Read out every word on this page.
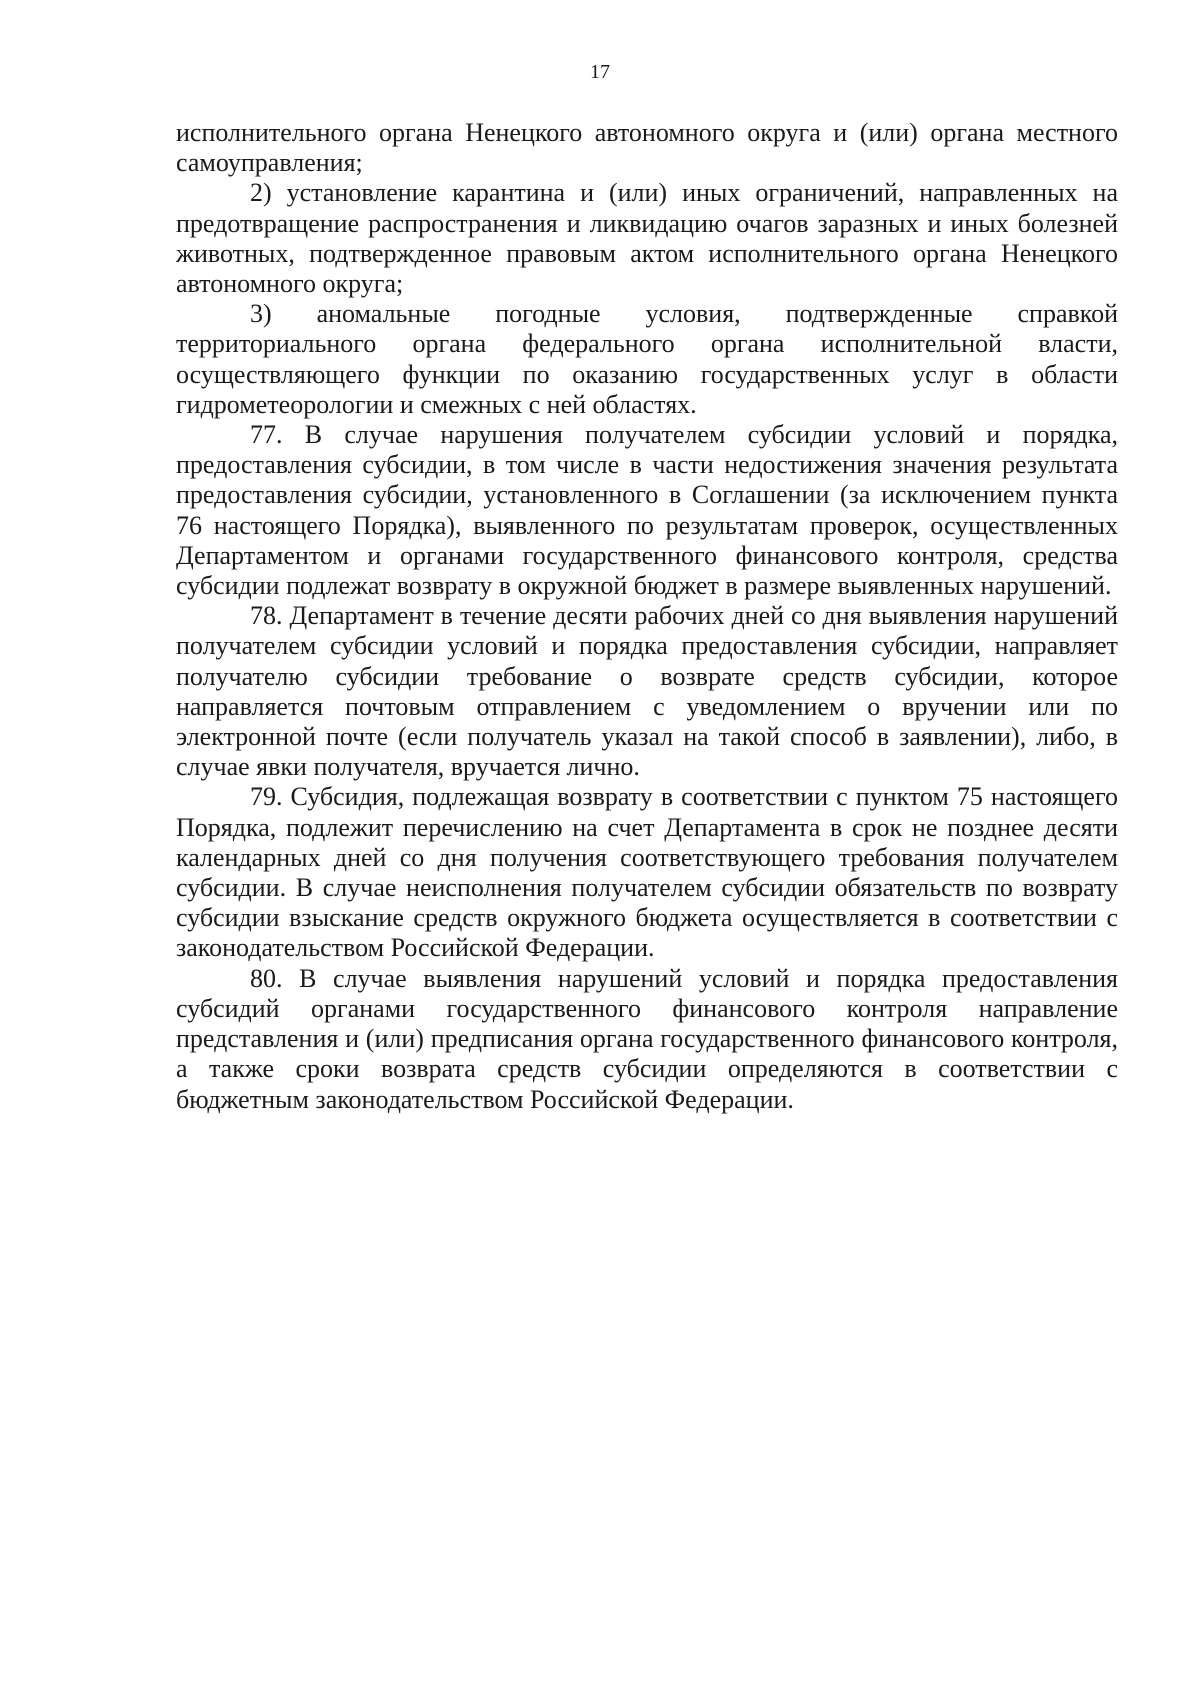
17

исполнительного органа Ненецкого автономного округа и (или) органа местного самоуправления;

2) установление карантина и (или) иных ограничений, направленных на предотвращение распространения и ликвидацию очагов заразных и иных болезней животных, подтвержденное правовым актом исполнительного органа Ненецкого автономного округа;

3) аномальные погодные условия, подтвержденные справкой территориального органа федерального органа исполнительной власти, осуществляющего функции по оказанию государственных услуг в области гидрометеорологии и смежных с ней областях.

77. В случае нарушения получателем субсидии условий и порядка, предоставления субсидии, в том числе в части недостижения значения результата предоставления субсидии, установленного в Соглашении (за исключением пункта 76 настоящего Порядка), выявленного по результатам проверок, осуществленных Департаментом и органами государственного финансового контроля, средства субсидии подлежат возврату в окружной бюджет в размере выявленных нарушений.

78. Департамент в течение десяти рабочих дней со дня выявления нарушений получателем субсидии условий и порядка предоставления субсидии, направляет получателю субсидии требование о возврате средств субсидии, которое направляется почтовым отправлением с уведомлением о вручении или по электронной почте (если получатель указал на такой способ в заявлении), либо, в случае явки получателя, вручается лично.

79. Субсидия, подлежащая возврату в соответствии с пунктом 75 настоящего Порядка, подлежит перечислению на счет Департамента в срок не позднее десяти календарных дней со дня получения соответствующего требования получателем субсидии. В случае неисполнения получателем субсидии обязательств по возврату субсидии взыскание средств окружного бюджета осуществляется в соответствии с законодательством Российской Федерации.

80. В случае выявления нарушений условий и порядка предоставления субсидий органами государственного финансового контроля направление представления и (или) предписания органа государственного финансового контроля, а также сроки возврата средств субсидии определяются в соответствии с бюджетным законодательством Российской Федерации.
